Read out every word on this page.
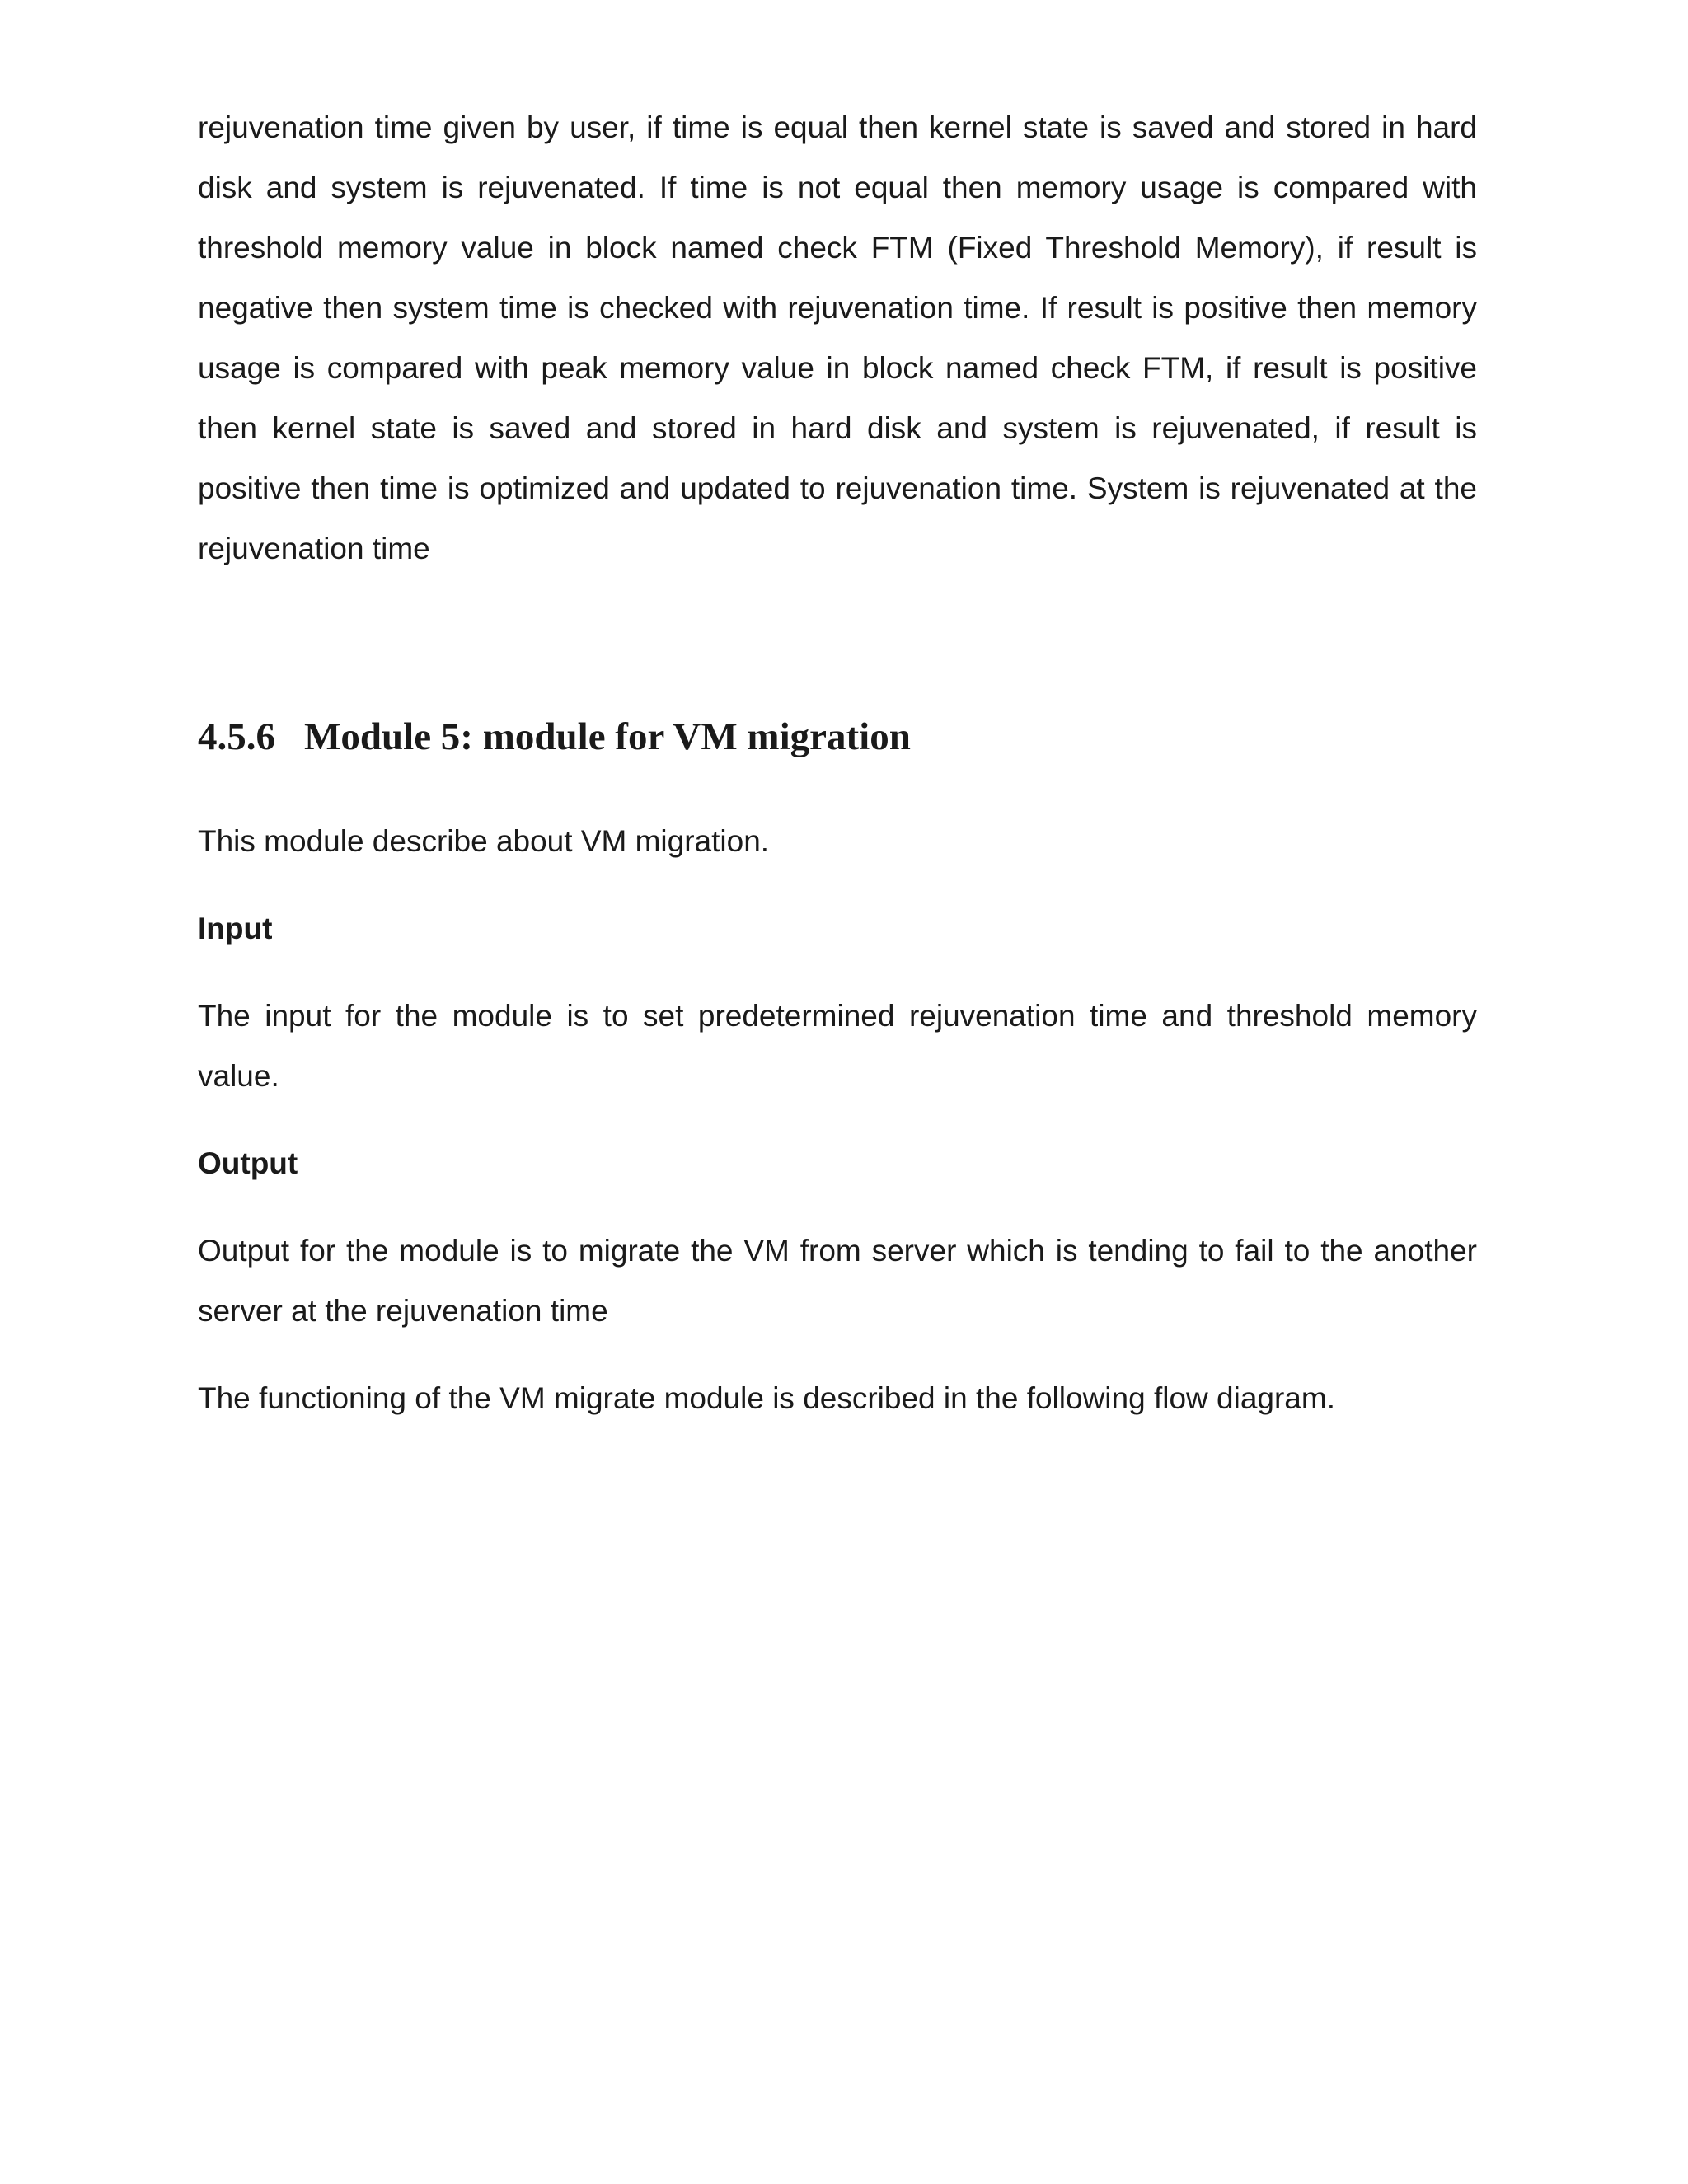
rejuvenation time given by user, if time is equal then kernel state is saved and stored in hard disk and system is rejuvenated. If time is not equal then memory usage is compared with threshold memory value in block named check FTM (Fixed Threshold Memory), if result is negative then system time is checked with rejuvenation time. If result is positive then memory usage is compared with peak memory value in block named check FTM, if result is positive then kernel state is saved and stored in hard disk and system is rejuvenated, if result is positive then time is optimized and updated to rejuvenation time. System is rejuvenated at the rejuvenation time

4.5.6 Module 5: module for VM migration

This module describe about VM migration.

Input

The input for the module is to set predetermined rejuvenation time and threshold memory value.

Output

Output for the module is to migrate the VM from server which is tending to fail to the another server at the rejuvenation time

The functioning of the VM migrate module is described in the following flow diagram.
